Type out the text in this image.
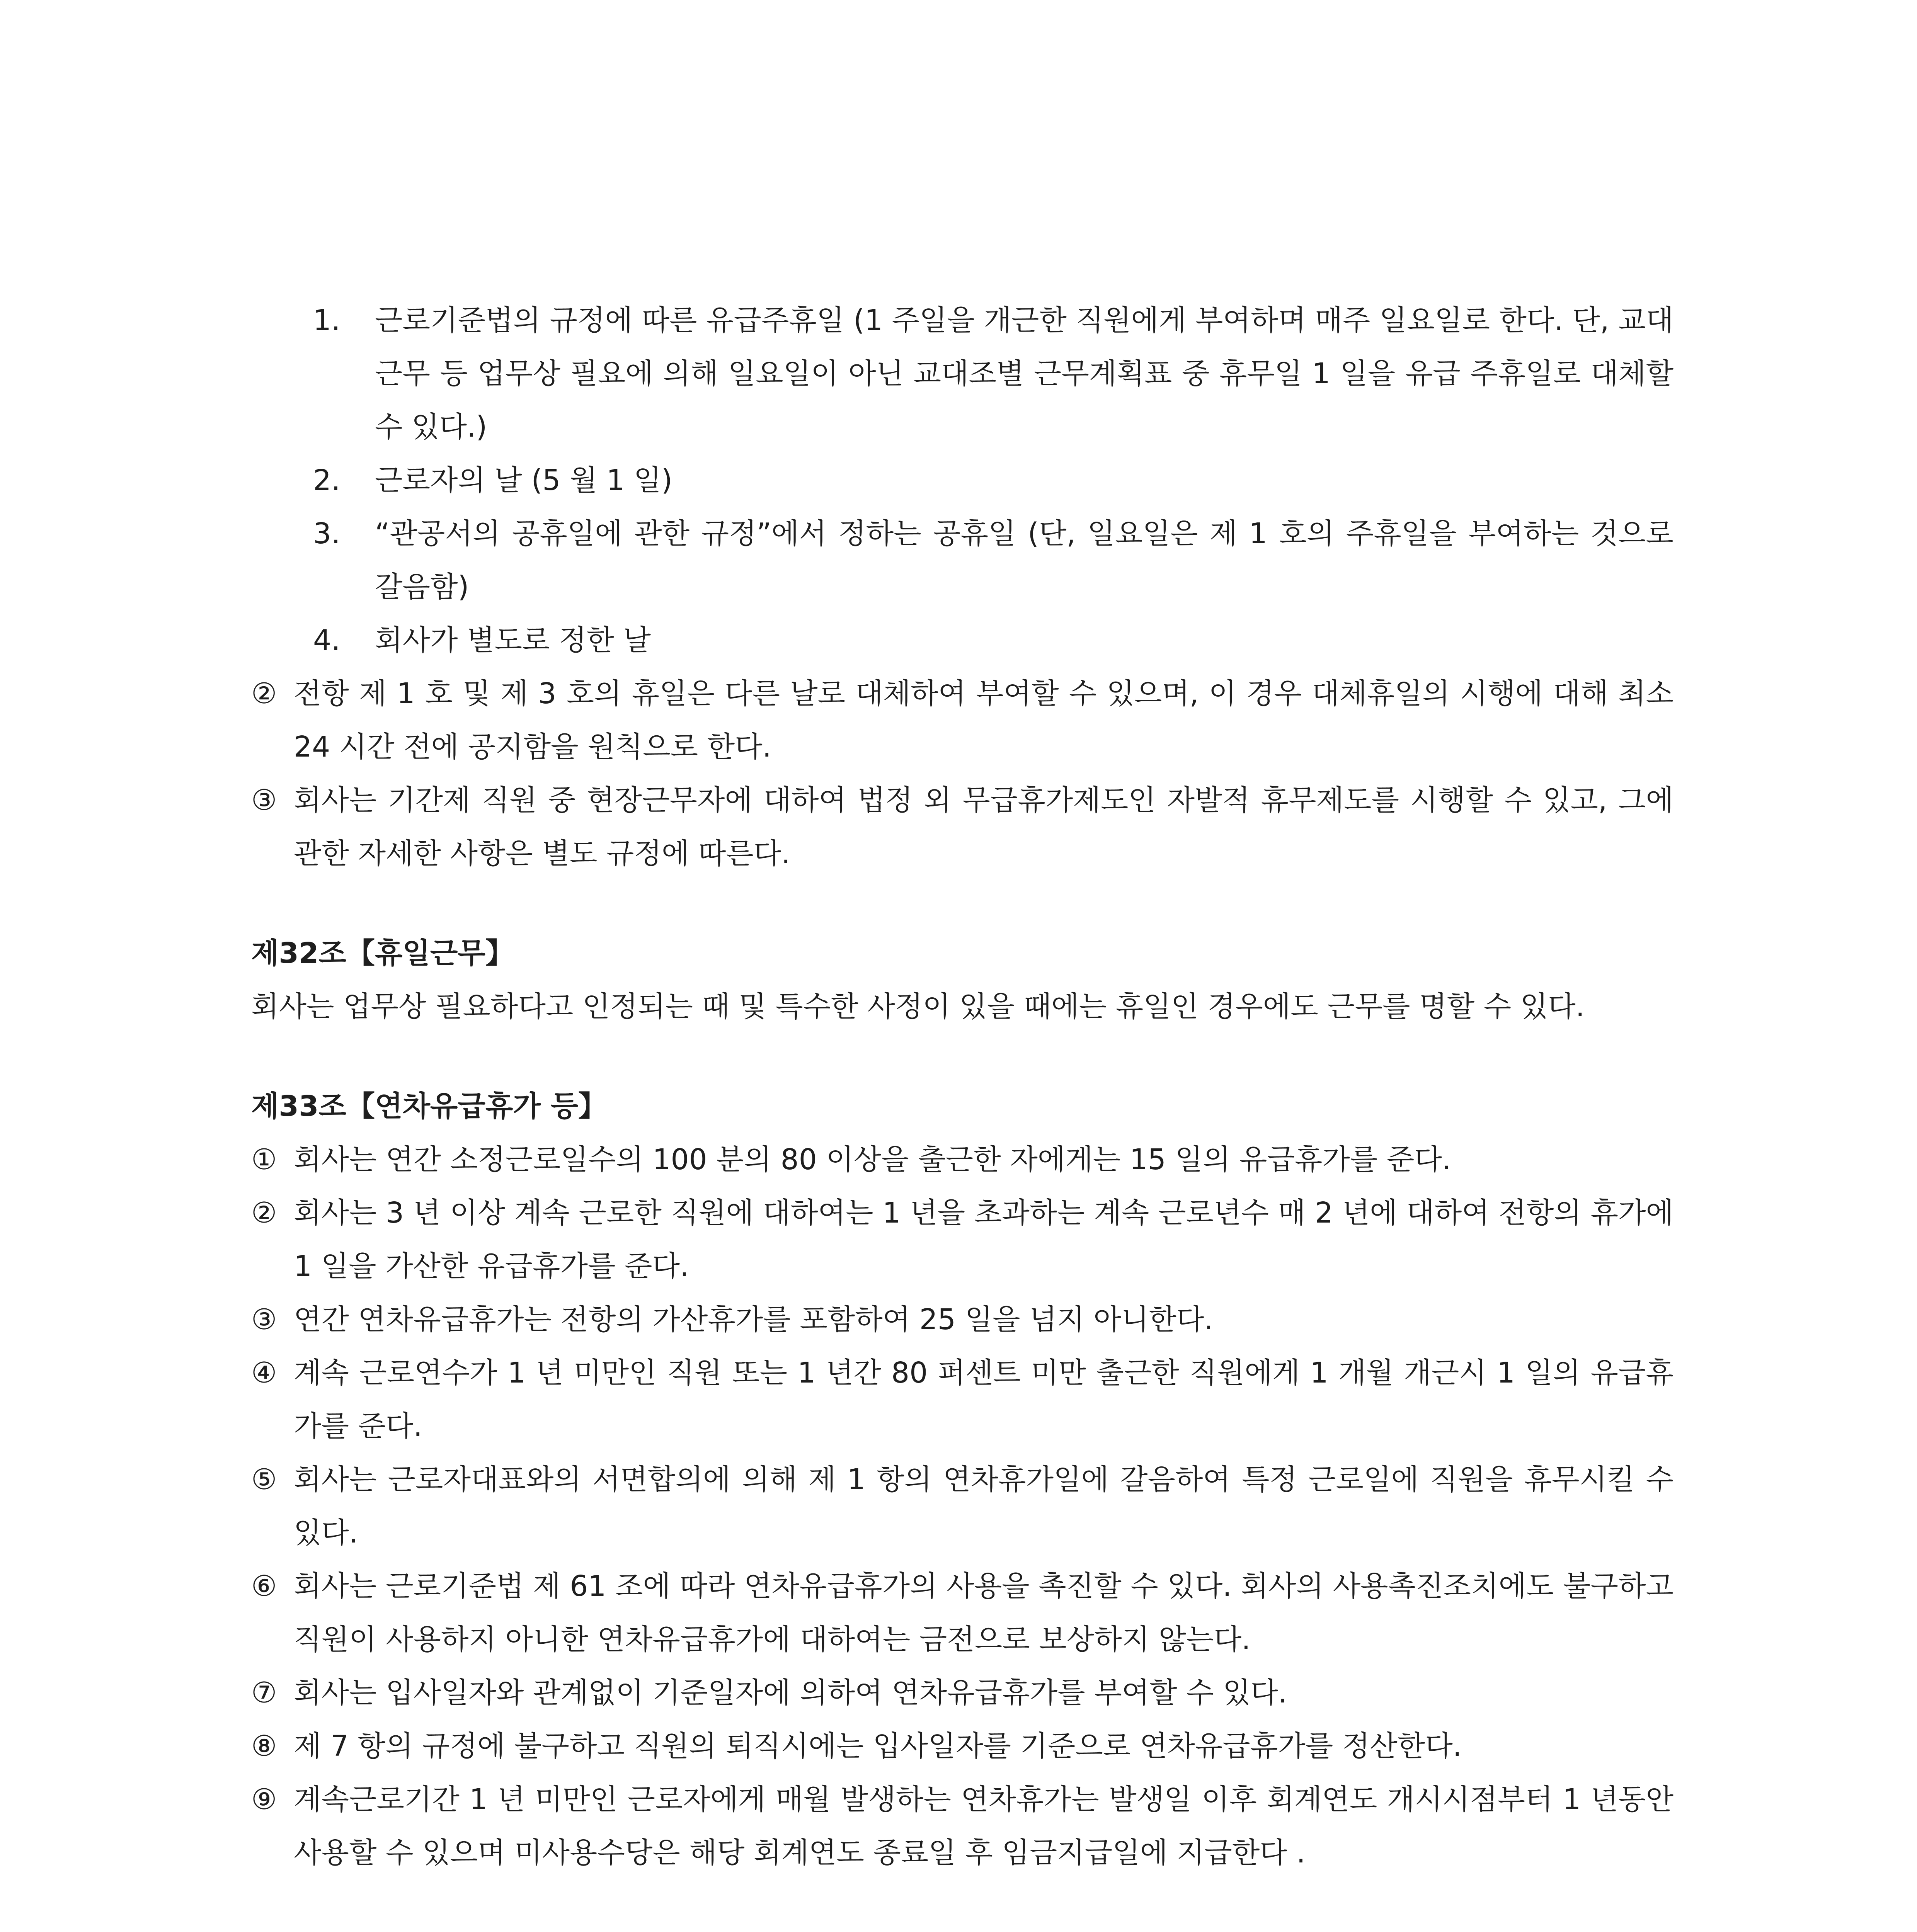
1.	근로기준법의 규정에 따른 유급주휴일 (1 주일을 개근한 직원에게 부여하며 매주 일요일로 한다. 단, 교대근무 등 업무상 필요에 의해 일요일이 아닌 교대조별 근무계획표 중 휴무일 1 일을 유급 주휴일로 대체할 수 있다.)
2.	근로자의 날 (5 월 1 일)
3.	“관공서의 공휴일에 관한 규정”에서 정하는 공휴일 (단, 일요일은 제 1 호의 주휴일을 부여하는 것으로 갈음함)
4.	회사가 별도로 정한 날
② 전항 제 1 호 및 제 3 호의 휴일은 다른 날로 대체하여 부여할 수 있으며, 이 경우 대체휴일의 시행에 대해 최소 24 시간 전에 공지함을 원칙으로 한다.
③ 회사는 기간제 직원 중 현장근무자에 대하여 법정 외 무급휴가제도인 자발적 휴무제도를 시행할 수 있고, 그에 관한 자세한 사항은 별도 규정에 따른다.
제32조【휴일근무】
회사는 업무상 필요하다고 인정되는 때 및 특수한 사정이 있을 때에는 휴일인 경우에도 근무를 명할 수 있다.
제33조【연차유급휴가 등】
① 회사는 연간 소정근로일수의 100 분의 80 이상을 출근한 자에게는 15 일의 유급휴가를 준다.
② 회사는 3 년 이상 계속 근로한 직원에 대하여는 1 년을 초과하는 계속 근로년수 매 2 년에 대하여 전항의 휴가에 1 일을 가산한 유급휴가를 준다.
③ 연간 연차유급휴가는 전항의 가산휴가를 포함하여 25 일을 넘지 아니한다.
④ 계속 근로연수가 1 년 미만인 직원 또는 1 년간 80 퍼센트 미만 출근한 직원에게 1 개월 개근시 1 일의 유급휴가를 준다.
⑤ 회사는 근로자대표와의 서면합의에 의해 제 1 항의 연차휴가일에 갈음하여 특정 근로일에 직원을 휴무시킬 수 있다.
⑥ 회사는 근로기준법 제 61 조에 따라 연차유급휴가의 사용을 촉진할 수 있다. 회사의 사용촉진조치에도 불구하고 직원이 사용하지 아니한 연차유급휴가에 대하여는 금전으로 보상하지 않는다.
⑦ 회사는 입사일자와 관계없이 기준일자에 의하여 연차유급휴가를 부여할 수 있다.
⑧ 제 7 항의 규정에 불구하고 직원의 퇴직시에는 입사일자를 기준으로 연차유급휴가를 정산한다.
⑨ 계속근로기간 1 년 미만인 근로자에게 매월 발생하는 연차휴가는 발생일 이후 회계연도 개시시점부터 1 년동안 사용할 수 있으며 미사용수당은 해당 회계연도 종료일 후 임금지급일에 지급한다 .
